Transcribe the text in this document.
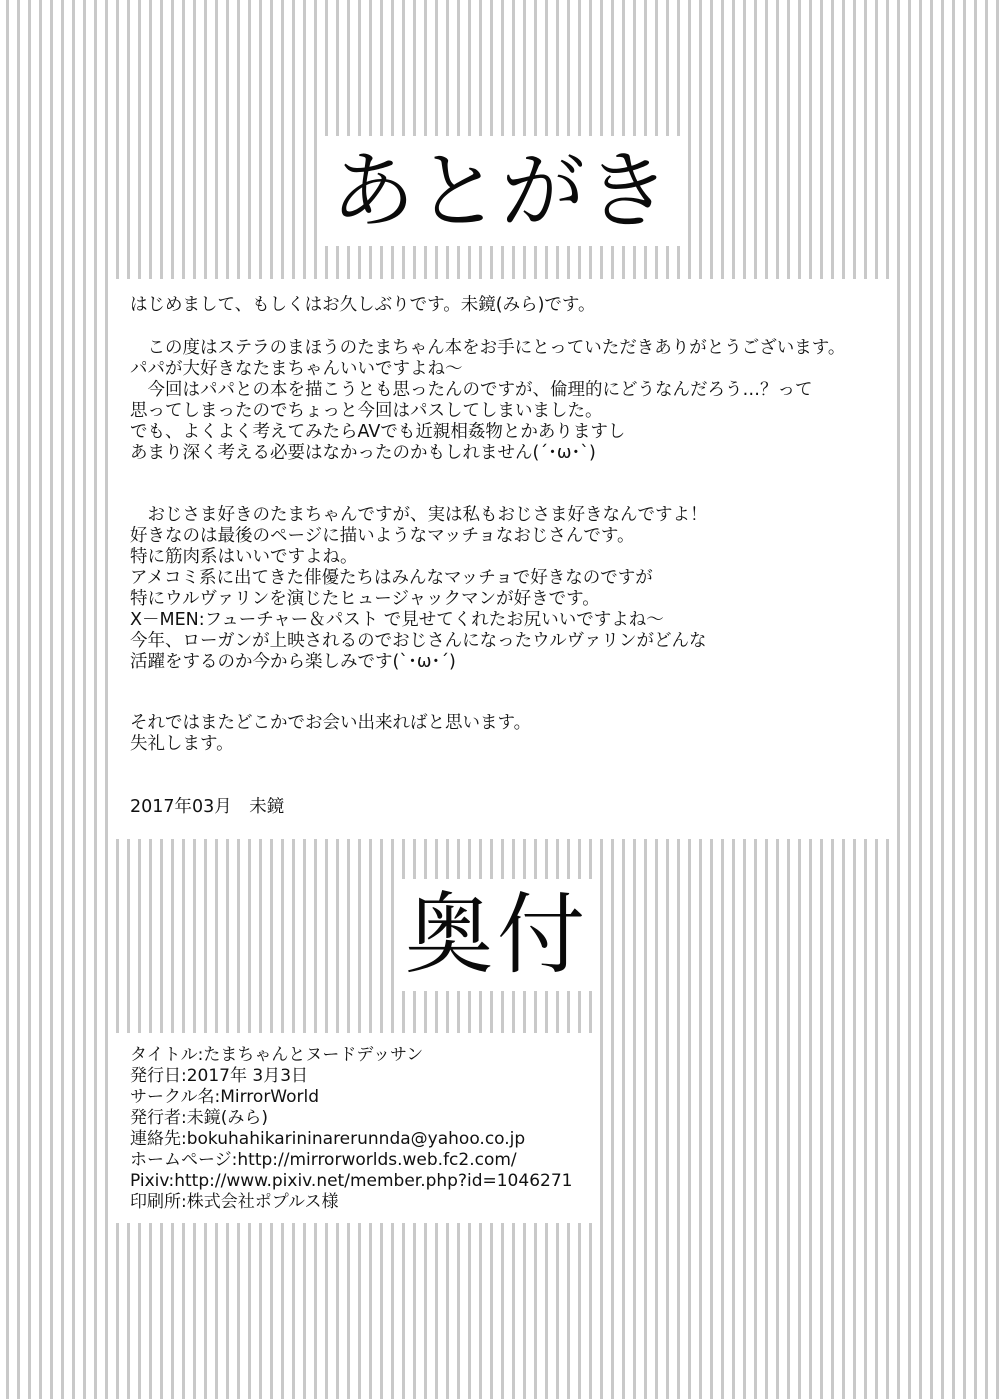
あとがき

はじめまして、もしくはお久しぶりです。未鏡(みら)です。

　この度はステラのまほうのたまちゃん本をお手にとっていただきありがとうございます。
パパが大好きなたまちゃんいいですよね～
　今回はパパとの本を描こうとも思ったんのですが、倫理的にどうなんだろう…？って
思ってしまったのでちょっと今回はパスしてしまいました。
でも、よくよく考えてみたらAVでも近親相姦物とかありますし
あまり深く考える必要はなかったのかもしれません(´･ω･`)

　おじさま好きのたまちゃんですが、実は私もおじさま好きなんですよ！
好きなのは最後のページに描いようなマッチョなおじさんです。
特に筋肉系はいいですよね。
アメコミ系に出てきた俳優たちはみんなマッチョで好きなのですが
特にウルヴァリンを演じたヒュージャックマンが好きです。
X－MEN:フューチャー＆パスト で見せてくれたお尻いいですよね～
今年、ローガンが上映されるのでおじさんになったウルヴァリンがどんな
活躍をするのか今から楽しみです(`･ω･´)

それではまたどこかでお会い出来ればと思います。
失礼します。

2017年03月　未鏡

奥付

タイトル:たまちゃんとヌードデッサン

発行日:2017年 3月3日

サークル名:MirrorWorld

発行者:未鏡(みら)

連絡先:bokuhahikarininarerunnda@yahoo.co.jp

ホームページ:http://mirrorworlds.web.fc2.com/

Pixiv:http://www.pixiv.net/member.php?id=1046271

印刷所:株式会社ポプルス様
